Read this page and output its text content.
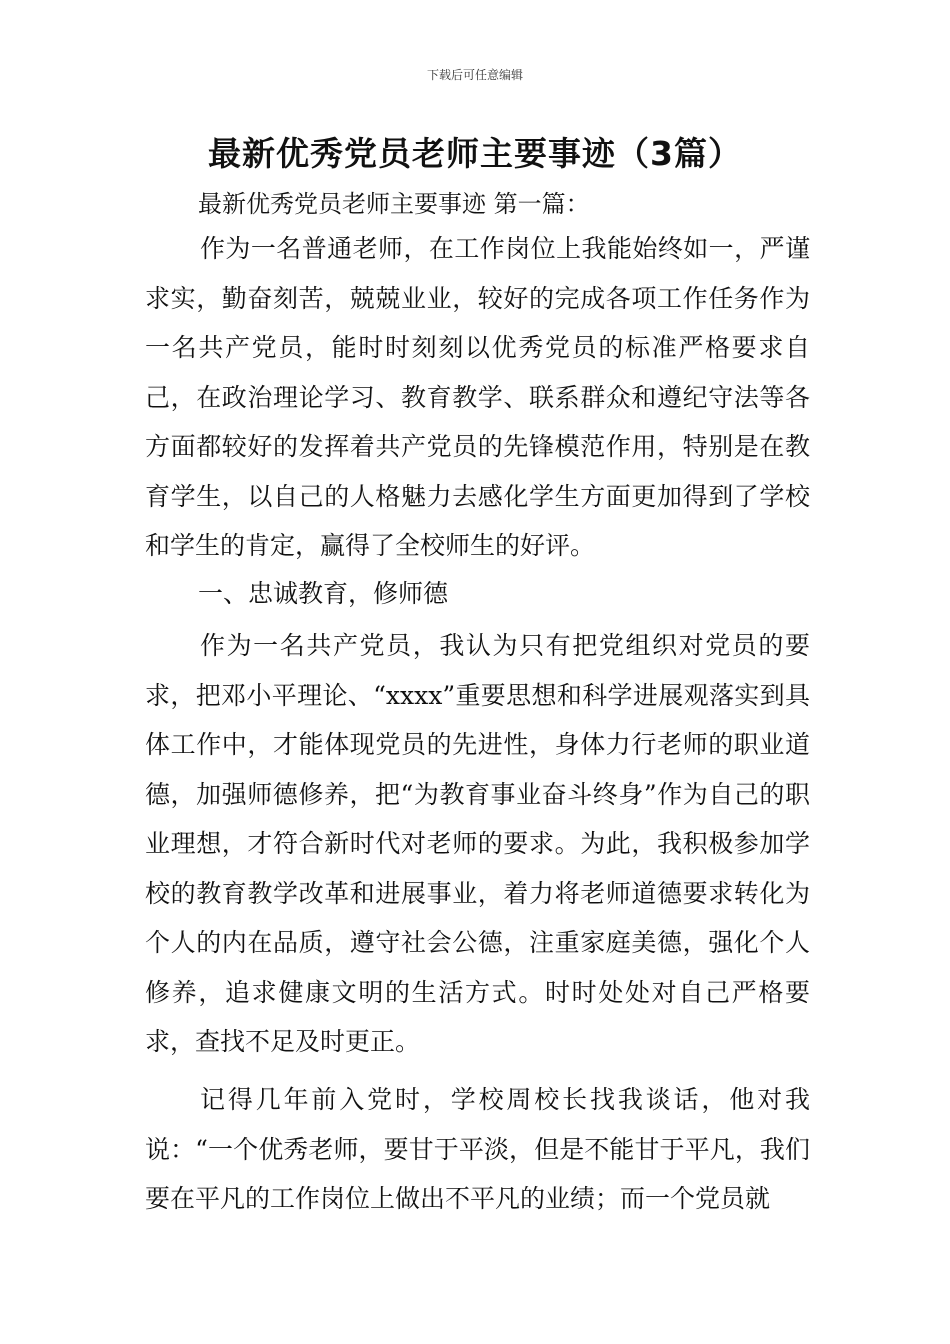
下载后可任意编辑
最新优秀党员老师主要事迹（3篇）
最新优秀党员老师主要事迹 第一篇：

作为一名普通老师，在工作岗位上我能始终如一，严谨求实，勤奋刻苦，兢兢业业，较好的完成各项工作任务作为一名共产党员，能时时刻刻以优秀党员的标准严格要求自己，在政治理论学习、教育教学、联系群众和遵纪守法等各方面都较好的发挥着共产党员的先锋模范作用，特别是在教育学生，以自己的人格魅力去感化学生方面更加得到了学校和学生的肯定，赢得了全校师生的好评。

一、忠诚教育，修师德

作为一名共产党员，我认为只有把党组织对党员的要求，把邓小平理论、“xxxx”重要思想和科学进展观落实到具体工作中，才能体现党员的先进性，身体力行老师的职业道德，加强师德修养，把“为教育事业奋斗终身”作为自己的职业理想，才符合新时代对老师的要求。为此，我积极参加学校的教育教学改革和进展事业，着力将老师道德要求转化为个人的内在品质，遵守社会公德，注重家庭美德，强化个人修养，追求健康文明的生活方式。时时处处对自己严格要求，查找不足及时更正。

记得几年前入党时，学校周校长找我谈话，他对我说：“一个优秀老师，要甘于平淡，但是不能甘于平凡，我们要在平凡的工作岗位上做出不平凡的业绩；而一个党员就
